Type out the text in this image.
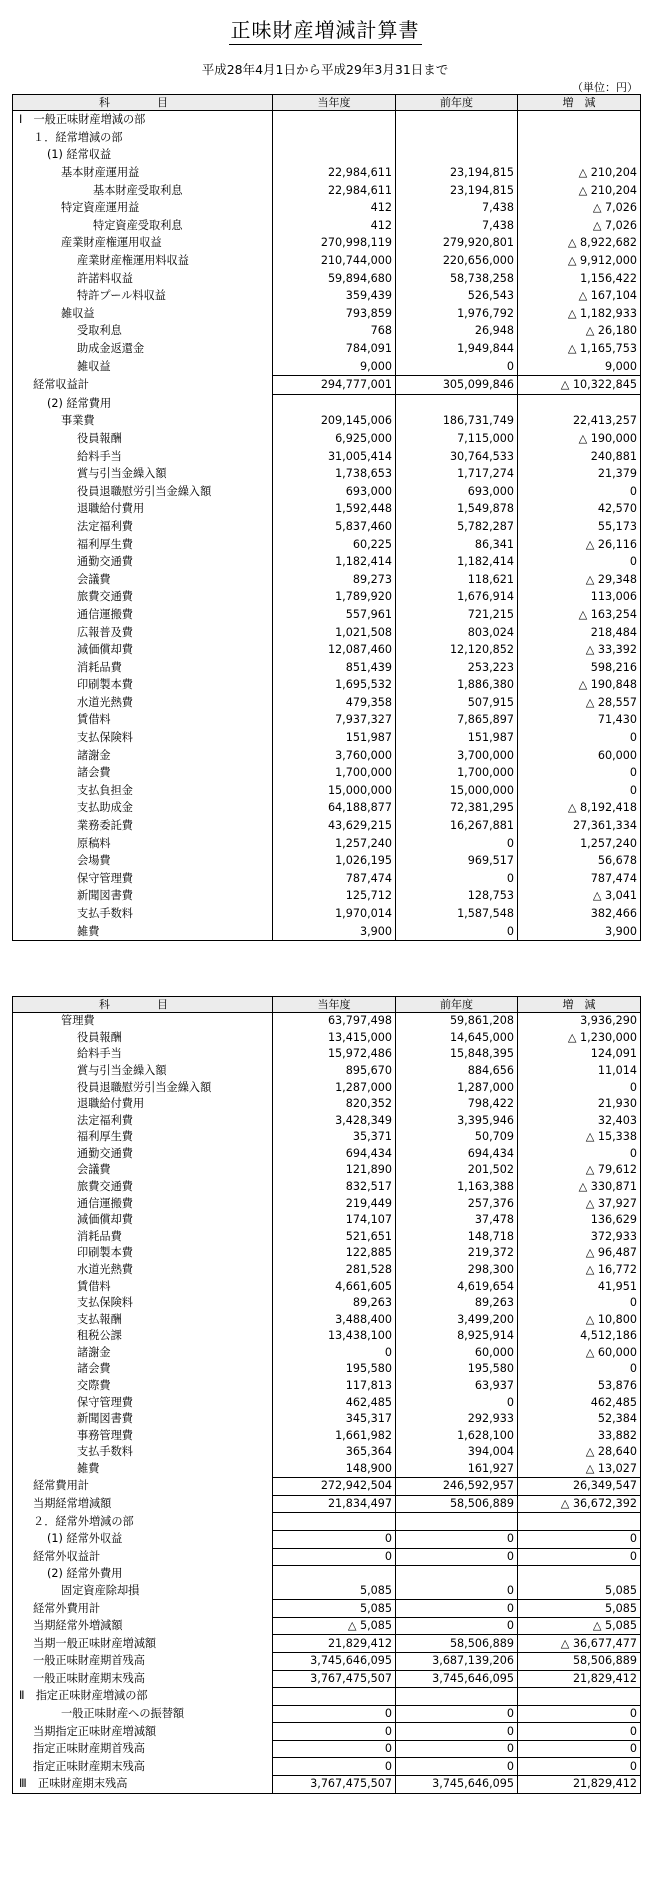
正味財産増減計算書
平成28年4月1日から平成29年3月31日まで
（単位：円）
科　目	当年度	前年度	増　減
Ⅰ　一般正味財産増減の部			
１．経常増減の部			
(1) 経常収益			
基本財産運用益	22,984,611	23,194,815	△ 210,204
基本財産受取利息	22,984,611	23,194,815	△ 210,204
特定資産運用益	412	7,438	△ 7,026
特定資産受取利息	412	7,438	△ 7,026
産業財産権運用収益	270,998,119	279,920,801	△ 8,922,682
産業財産権運用料収益	210,744,000	220,656,000	△ 9,912,000
許諾料収益	59,894,680	58,738,258	1,156,422
特許プール料収益	359,439	526,543	△ 167,104
雑収益	793,859	1,976,792	△ 1,182,933
受取利息	768	26,948	△ 26,180
助成金返還金	784,091	1,949,844	△ 1,165,753
雑収益	9,000	0	9,000
経常収益計	294,777,001	305,099,846	△ 10,322,845
(2) 経常費用			
事業費	209,145,006	186,731,749	22,413,257
役員報酬	6,925,000	7,115,000	△ 190,000
給料手当	31,005,414	30,764,533	240,881
賞与引当金繰入額	1,738,653	1,717,274	21,379
役員退職慰労引当金繰入額	693,000	693,000	0
退職給付費用	1,592,448	1,549,878	42,570
法定福利費	5,837,460	5,782,287	55,173
福利厚生費	60,225	86,341	△ 26,116
通勤交通費	1,182,414	1,182,414	0
会議費	89,273	118,621	△ 29,348
旅費交通費	1,789,920	1,676,914	113,006
通信運搬費	557,961	721,215	△ 163,254
広報普及費	1,021,508	803,024	218,484
減価償却費	12,087,460	12,120,852	△ 33,392
消耗品費	851,439	253,223	598,216
印刷製本費	1,695,532	1,886,380	△ 190,848
水道光熱費	479,358	507,915	△ 28,557
賃借料	7,937,327	7,865,897	71,430
支払保険料	151,987	151,987	0
諸謝金	3,760,000	3,700,000	60,000
諸会費	1,700,000	1,700,000	0
支払負担金	15,000,000	15,000,000	0
支払助成金	64,188,877	72,381,295	△ 8,192,418
業務委託費	43,629,215	16,267,881	27,361,334
原稿料	1,257,240	0	1,257,240
会場費	1,026,195	969,517	56,678
保守管理費	787,474	0	787,474
新聞図書費	125,712	128,753	△ 3,041
支払手数料	1,970,014	1,587,548	382,466
雑費	3,900	0	3,900
科　目	当年度	前年度	増　減
管理費	63,797,498	59,861,208	3,936,290
役員報酬	13,415,000	14,645,000	△ 1,230,000
給料手当	15,972,486	15,848,395	124,091
賞与引当金繰入額	895,670	884,656	11,014
役員退職慰労引当金繰入額	1,287,000	1,287,000	0
退職給付費用	820,352	798,422	21,930
法定福利費	3,428,349	3,395,946	32,403
福利厚生費	35,371	50,709	△ 15,338
通勤交通費	694,434	694,434	0
会議費	121,890	201,502	△ 79,612
旅費交通費	832,517	1,163,388	△ 330,871
通信運搬費	219,449	257,376	△ 37,927
減価償却費	174,107	37,478	136,629
消耗品費	521,651	148,718	372,933
印刷製本費	122,885	219,372	△ 96,487
水道光熱費	281,528	298,300	△ 16,772
賃借料	4,661,605	4,619,654	41,951
支払保険料	89,263	89,263	0
支払報酬	3,488,400	3,499,200	△ 10,800
租税公課	13,438,100	8,925,914	4,512,186
諸謝金	0	60,000	△ 60,000
諸会費	195,580	195,580	0
交際費	117,813	63,937	53,876
保守管理費	462,485	0	462,485
新聞図書費	345,317	292,933	52,384
事務管理費	1,661,982	1,628,100	33,882
支払手数料	365,364	394,004	△ 28,640
雑費	148,900	161,927	△ 13,027
経常費用計	272,942,504	246,592,957	26,349,547
当期経常増減額	21,834,497	58,506,889	△ 36,672,392
２．経常外増減の部			
(1) 経常外収益	0	0	0
経常外収益計	0	0	0
(2) 経常外費用			
固定資産除却損	5,085	0	5,085
経常外費用計	5,085	0	5,085
当期経常外増減額	△ 5,085	0	△ 5,085
当期一般正味財産増減額	21,829,412	58,506,889	△ 36,677,477
一般正味財産期首残高	3,745,646,095	3,687,139,206	58,506,889
一般正味財産期末残高	3,767,475,507	3,745,646,095	21,829,412
Ⅱ　指定正味財産増減の部			
一般正味財産への振替額	0	0	0
当期指定正味財産増減額	0	0	0
指定正味財産期首残高	0	0	0
指定正味財産期末残高	0	0	0
Ⅲ　正味財産期末残高	3,767,475,507	3,745,646,095	21,829,412
